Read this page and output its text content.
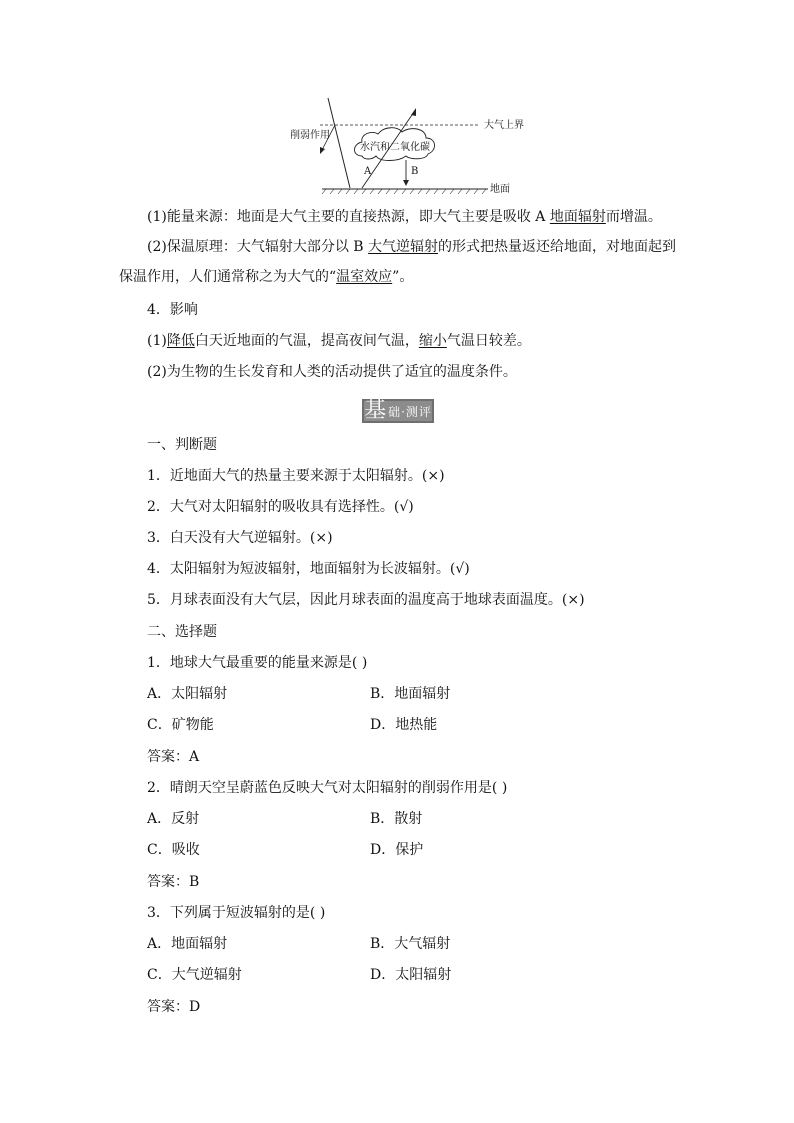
大气上界
削弱作用
水汽和二氧化碳
A	B
地面
(1)能量来源：地面是大气主要的直接热源，即大气主要是吸收 A 地面辐射而增温。
(2)保温原理：大气辐射大部分以 B 大气逆辐射的形式把热量返还给地面，对地面起到
保温作用，人们通常称之为大气的“温室效应”。
4．影响
(1)降低白天近地面的气温，提高夜间气温，缩小气温日较差。
(2)为生物的生长发育和人类的活动提供了适宜的温度条件。
基 础·测评
一、判断题
1．近地面大气的热量主要来源于太阳辐射。(×)
2．大气对太阳辐射的吸收具有选择性。(√)
3．白天没有大气逆辐射。(×)
4．太阳辐射为短波辐射，地面辐射为长波辐射。(√)
5．月球表面没有大气层，因此月球表面的温度高于地球表面温度。(×)
二、选择题
1．地球大气最重要的能量来源是( )
A．太阳辐射	B．地面辐射
C．矿物能	D．地热能
答案：A
2．晴朗天空呈蔚蓝色反映大气对太阳辐射的削弱作用是( )
A．反射	B．散射
C．吸收	D．保护
答案：B
3．下列属于短波辐射的是( )
A．地面辐射	B．大气辐射
C．大气逆辐射	D．太阳辐射
答案：D
